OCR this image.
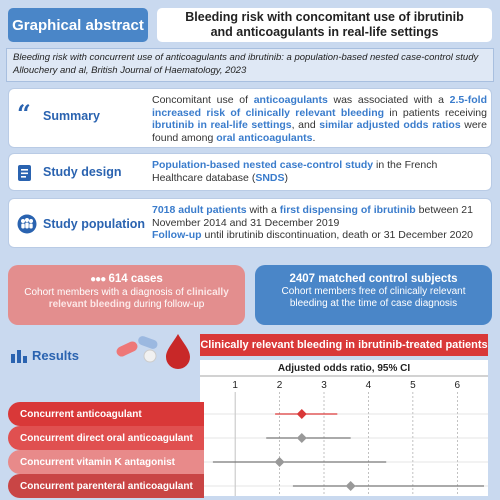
Graphical abstract	Bleeding risk with concomitant use of ibrutinib
and anticoagulants in real-life settings
Bleeding risk with concurrent use of anticoagulants and ibrutinib: a population-based nested case-control study
Allouchery and al, British Journal of Haematology, 2023
“ Summary
Concomitant use of anticoagulants was associated with a 2.5-fold increased risk of clinically relevant bleeding in patients receiving ibrutinib in real-life settings, and similar adjusted odds ratios were found among oral anticoagulants.
Study design	Population-based nested case-control study in the French Healthcare database (SNDS)
Study population
7018 adult patients with a first dispensing of ibrutinib between 21 November 2014 and 31 December 2019
Follow-up until ibrutinib discontinuation, death or 31 December 2020
●●● 614 cases
Cohort members with a diagnosis of clinically relevant bleeding during follow-up
2407 matched control subjects
Cohort members free of clinically relevant bleeding at the time of case diagnosis
Results
Clinically relevant bleeding in ibrutinib-treated patients
Adjusted odds ratio, 95% CI
1	2	3	4	5	6
Concurrent anticoagulant
Concurrent direct oral anticoagulant
Concurrent vitamin K antagonist
Concurrent parenteral anticoagulant
